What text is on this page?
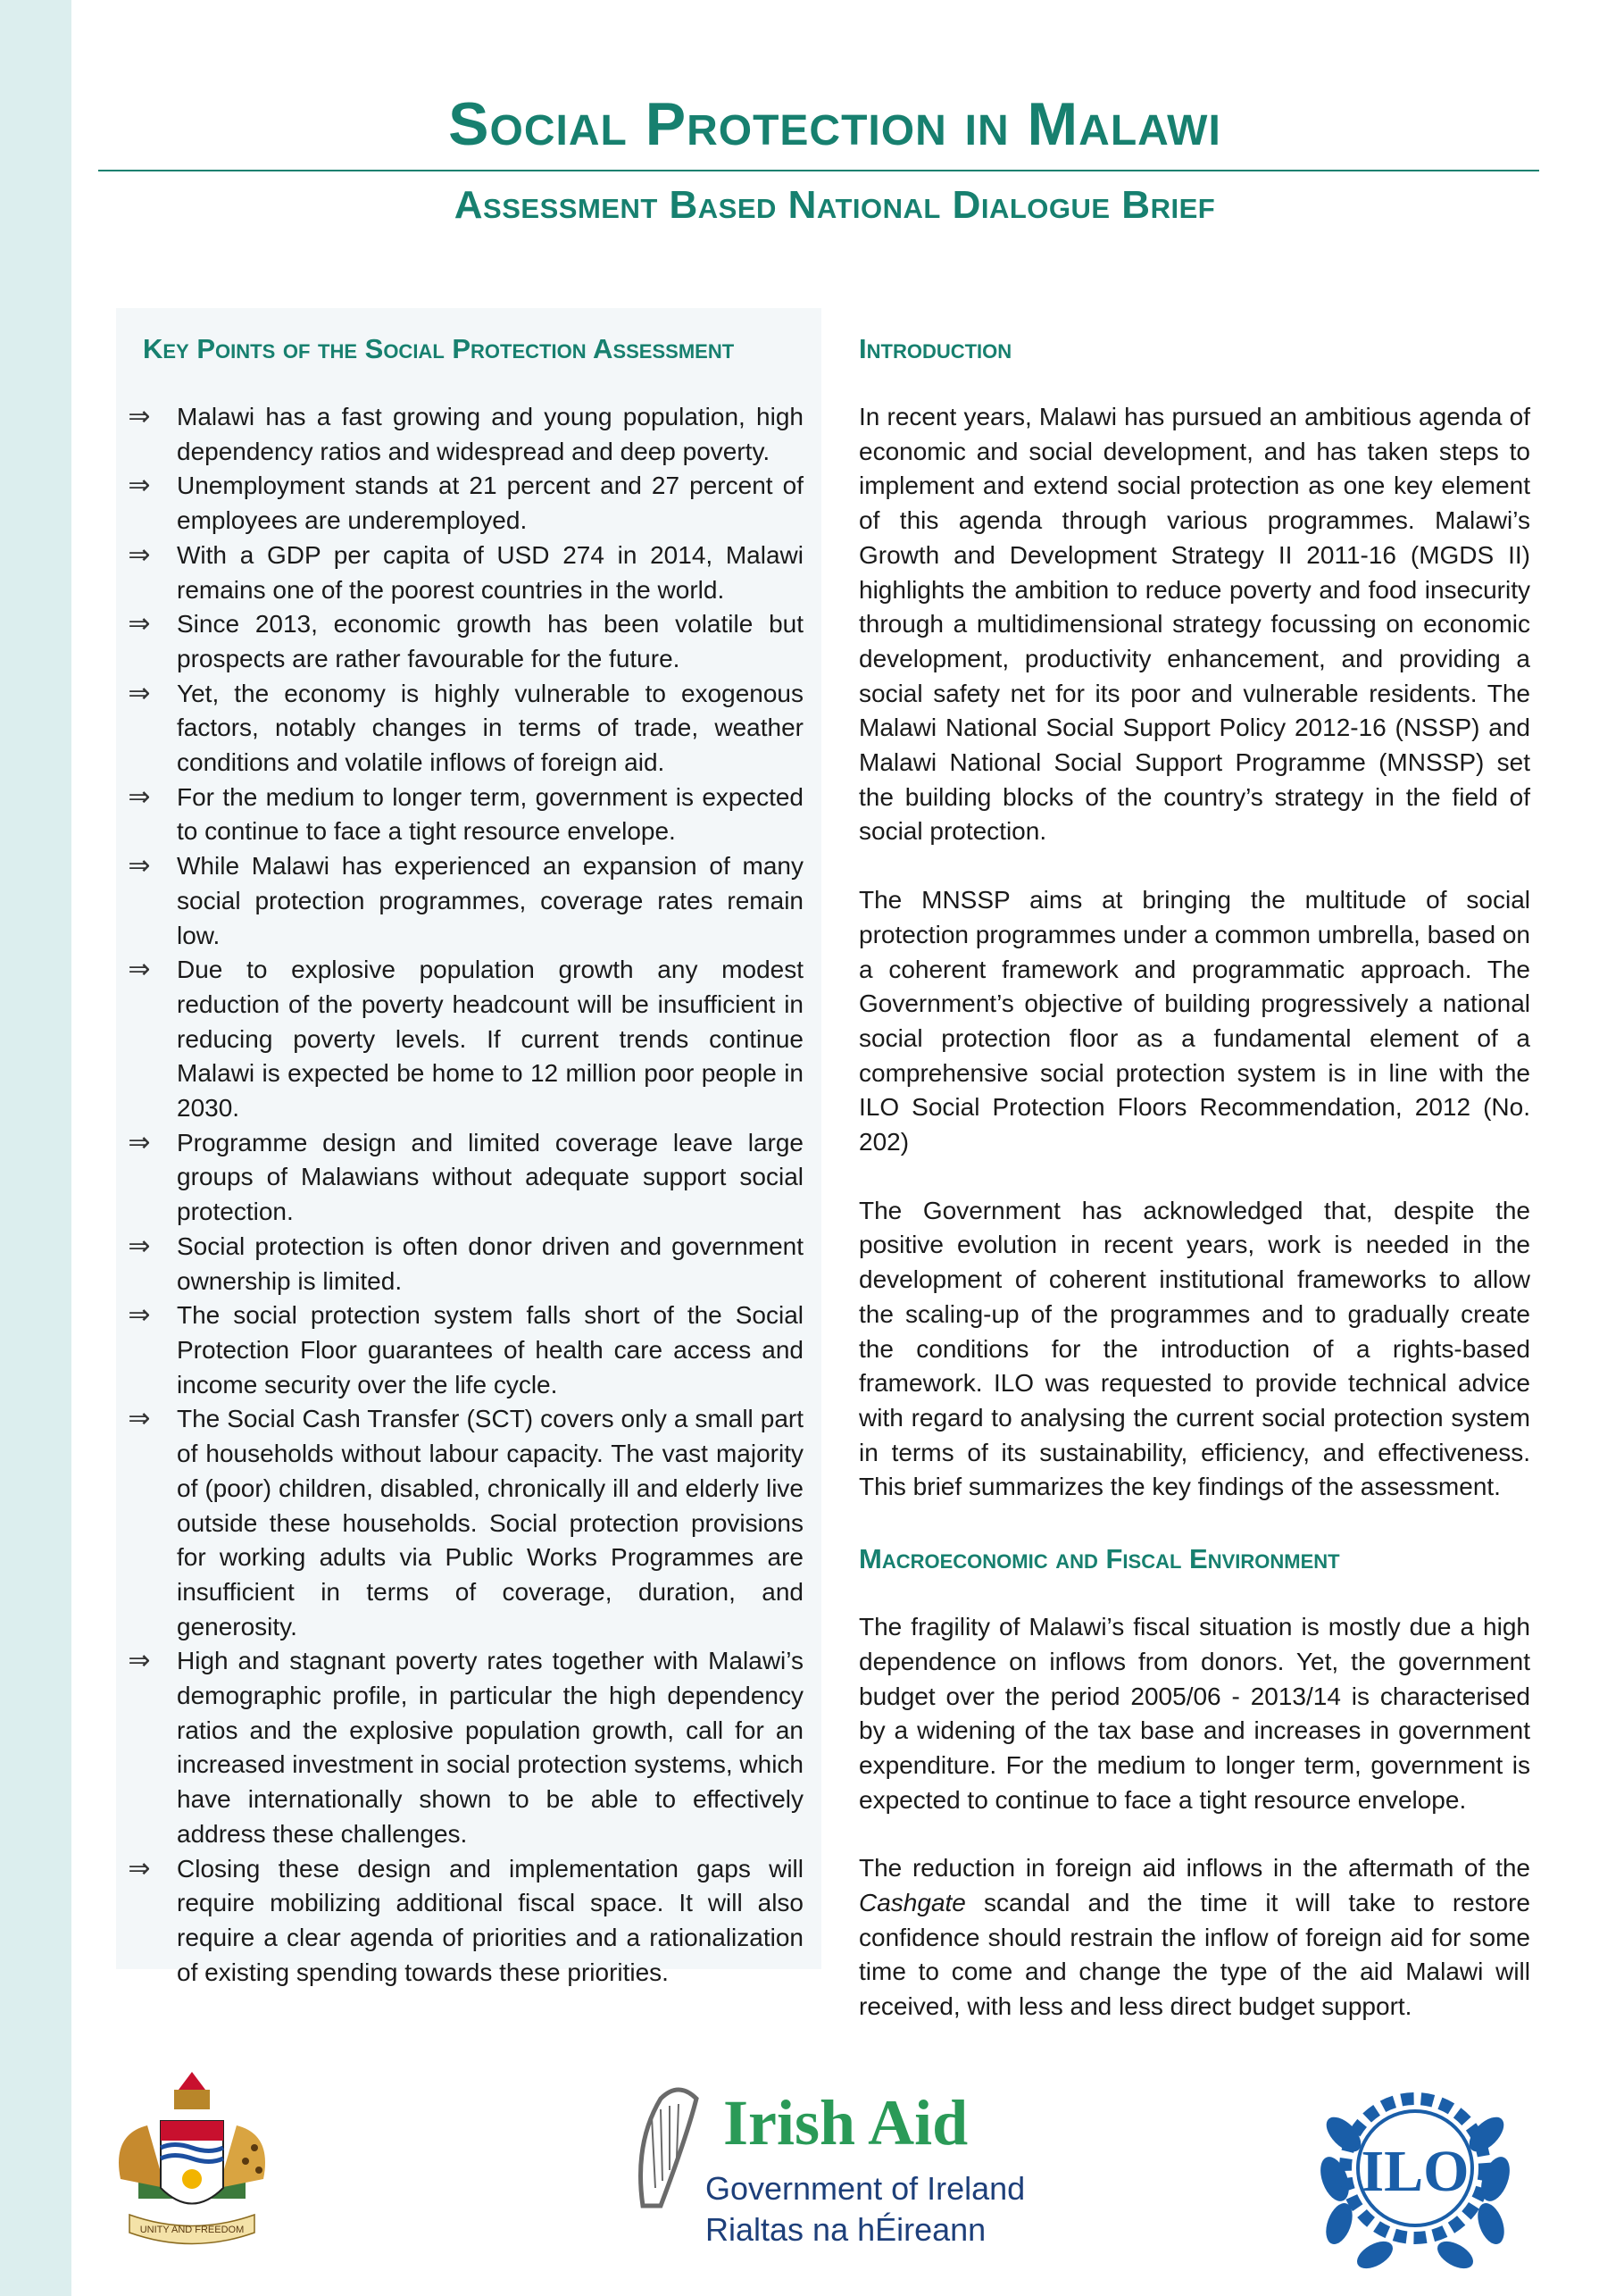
Social Protection in Malawi
Assessment Based National Dialogue Brief
Key Points of the Social Protection Assessment
⇒	Malawi has a fast growing and young population, high dependency ratios and widespread and deep poverty.
⇒	Unemployment stands at 21 percent and 27 percent of employees are underemployed.
⇒	With a GDP per capita of USD 274 in 2014, Malawi remains one of the poorest countries in the world.
⇒	Since 2013, economic growth has been volatile but prospects are rather favourable for the future.
⇒	Yet, the economy is highly vulnerable to exogenous factors, notably changes in terms of trade, weather conditions and volatile inflows of foreign aid.
⇒	For the medium to longer term, government is expected to continue to face a tight resource envelope.
⇒	While Malawi has experienced an expansion of many social protection programmes, coverage rates remain low.
⇒	Due to explosive population growth any modest reduction of the poverty headcount will be insufficient in reducing poverty levels. If current trends continue Malawi is expected be home to 12 million poor people in 2030.
⇒	Programme design and limited coverage leave large groups of Malawians without adequate support social protection.
⇒	Social protection is often donor driven and government ownership is limited.
⇒	The social protection system falls short of the Social Protection Floor guarantees of health care access and income security over the life cycle.
⇒	The Social Cash Transfer (SCT) covers only a small part of households without labour capacity. The vast majority of (poor) children, disabled, chronically ill and elderly live outside these households. Social protection provisions for working adults via Public Works Programmes are insufficient in terms of coverage, duration, and generosity.
⇒	High and stagnant poverty rates together with Malawi’s demographic profile, in particular the high dependency ratios and the explosive population growth, call for an increased investment in social protection systems, which have internationally shown to be able to effectively address these challenges.
⇒	Closing these design and implementation gaps will require mobilizing additional fiscal space. It will also require a clear agenda of priorities and a rationalization of existing spending towards these priorities.
Introduction

In recent years, Malawi has pursued an ambitious agenda of economic and social development, and has taken steps to implement and extend social protection as one key element of this agenda through various programmes. Malawi’s Growth and Development Strategy II 2011-16 (MGDS II) highlights the ambition to reduce poverty and food insecurity through a multidimensional strategy focussing on economic development, productivity enhancement, and providing a social safety net for its poor and vulnerable residents. The Malawi National Social Support Policy 2012-16 (NSSP) and Malawi National Social Support Programme (MNSSP) set the building blocks of the country’s strategy in the field of social protection.

The MNSSP aims at bringing the multitude of social protection programmes under a common umbrella, based on a coherent framework and programmatic approach. The Government’s objective of building progressively a national social protection floor as a fundamental element of a comprehensive social protection system is in line with the ILO Social Protection Floors Recommendation, 2012 (No. 202)

The Government has acknowledged that, despite the positive evolution in recent years, work is needed in the development of coherent institutional frameworks to allow the scaling-up of the programmes and to gradually create the conditions for the introduction of a rights-based framework. ILO was requested to provide technical advice with regard to analysing the current social protection system in terms of its sustainability, efficiency, and effectiveness. This brief summarizes the key findings of the assessment.

Macroeconomic and Fiscal Environment

The fragility of Malawi’s fiscal situation is mostly due a high dependence on inflows from donors. Yet, the government budget over the period 2005/06 - 2013/14 is characterised by a widening of the tax base and increases in government expenditure. For the medium to longer term, government is expected to continue to face a tight resource envelope.

The reduction in foreign aid inflows in the aftermath of the Cashgate scandal and the time it will take to restore confidence should restrain the inflow of foreign aid for some time to come and change the type of the aid Malawi will received, with less and less direct budget support.

UNITY AND FREEDOM
Irish Aid
Government of Ireland
Rialtas na hÉireann
ILO
